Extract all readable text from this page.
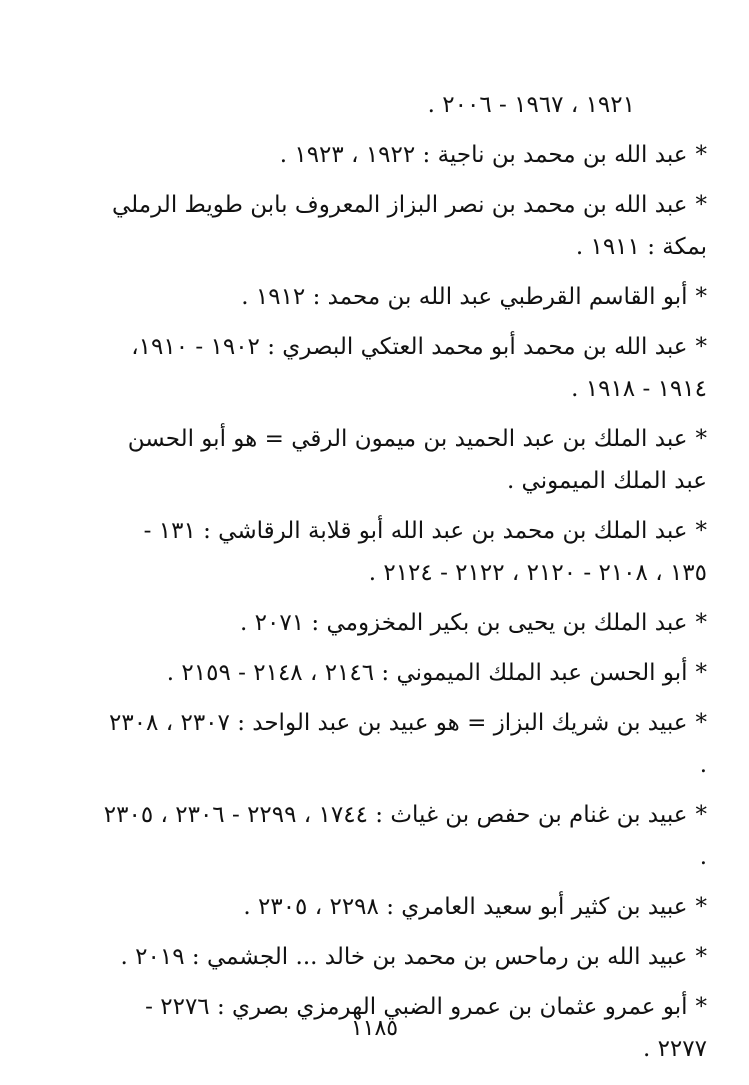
١٩٢١ ، ١٩٦٧ - ٢٠٠٦ .
*عبد الله بن محمد بن ناجية : ١٩٢٢ ، ١٩٢٣ .
*عبد الله بن محمد بن نصر البزاز المعروف بابن طويط الرملي بمكة : ١٩١١ .
*أبو القاسم القرطبي عبد الله بن محمد : ١٩١٢ .
*عبد الله بن محمد أبو محمد العتكي البصري : ١٩٠٢ - ١٩١٠، ١٩١٤ - ١٩١٨ .
*عبد الملك بن عبد الحميد بن ميمون الرقي = هو أبو الحسن عبد الملك الميموني .
*عبد الملك بن محمد بن عبد الله أبو قلابة الرقاشي : ١٣١ - ١٣٥ ، ٢١٠٨ - ٢١٢٠ ، ٢١٢٢ - ٢١٢٤ .
*عبد الملك بن يحيى بن بكير المخزومي : ٢٠٧١ .
*أبو الحسن عبد الملك الميموني : ٢١٤٦ ، ٢١٤٨ - ٢١٥٩ .
*عبيد بن شريك البزاز = هو عبيد بن عبد الواحد : ٢٣٠٧ ، ٢٣٠٨ .
*عبيد بن غنام بن حفص بن غياث : ١٧٤٤ ، ٢٢٩٩ - ٢٣٠٦ ، ٢٣٠٥ .
*عبيد بن كثير أبو سعيد العامري : ٢٢٩٨ ، ٢٣٠٥ .
*عبيد الله بن رماحس بن محمد بن خالد ... الجشمي : ٢٠١٩ .
*أبو عمرو عثمان بن عمرو الضبي الهرمزي بصري : ٢٢٧٦ - ٢٢٧٧ .
١١٨٥
